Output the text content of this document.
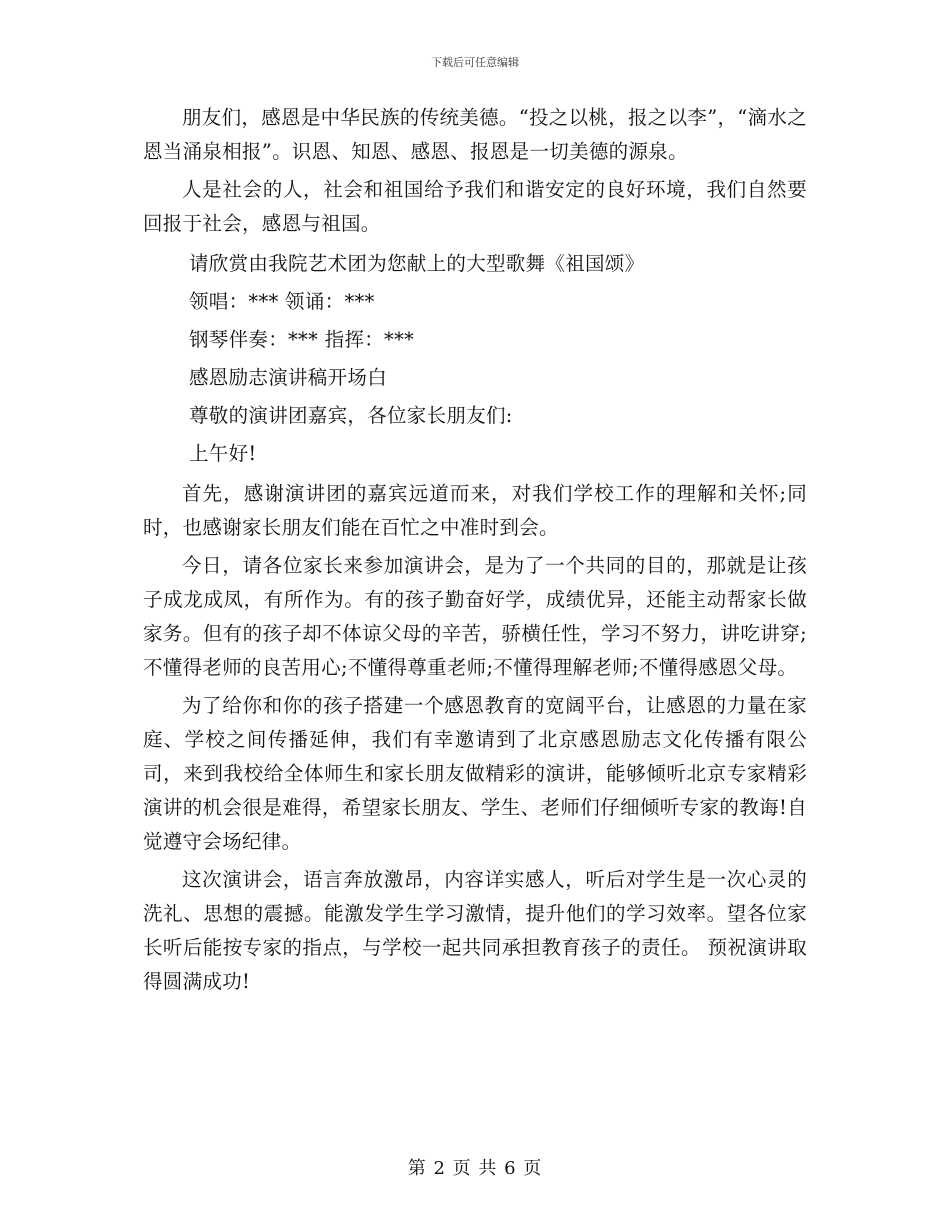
下载后可任意编辑

朋友们，感恩是中华民族的传统美德。“投之以桃，报之以李”，“滴水之恩当涌泉相报”。识恩、知恩、感恩、报恩是一切美德的源泉。

人是社会的人，社会和祖国给予我们和谐安定的良好环境，我们自然要回报于社会，感恩与祖国。

请欣赏由我院艺术团为您献上的大型歌舞《祖国颂》

领唱：*** 领诵：***

钢琴伴奏：*** 指挥：***

感恩励志演讲稿开场白

尊敬的演讲团嘉宾，各位家长朋友们:

上午好!

首先，感谢演讲团的嘉宾远道而来，对我们学校工作的理解和关怀;同时，也感谢家长朋友们能在百忙之中准时到会。

今日，请各位家长来参加演讲会，是为了一个共同的目的，那就是让孩子成龙成凤，有所作为。有的孩子勤奋好学，成绩优异，还能主动帮家长做家务。但有的孩子却不体谅父母的辛苦，骄横任性，学习不努力，讲吃讲穿;不懂得老师的良苦用心;不懂得尊重老师;不懂得理解老师;不懂得感恩父母。

为了给你和你的孩子搭建一个感恩教育的宽阔平台，让感恩的力量在家庭、学校之间传播延伸，我们有幸邀请到了北京感恩励志文化传播有限公司，来到我校给全体师生和家长朋友做精彩的演讲，能够倾听北京专家精彩演讲的机会很是难得，希望家长朋友、学生、老师们仔细倾听专家的教诲!自觉遵守会场纪律。

这次演讲会，语言奔放激昂，内容详实感人，听后对学生是一次心灵的洗礼、思想的震撼。能激发学生学习激情，提升他们的学习效率。望各位家长听后能按专家的指点，与学校一起共同承担教育孩子的责任。 预祝演讲取得圆满成功!

第 2 页 共 6 页
